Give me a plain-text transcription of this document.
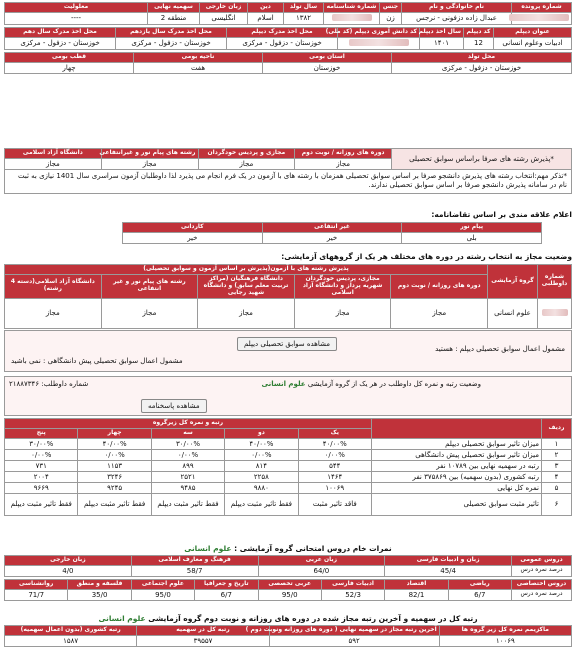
شماره پرونده	نام خانوادگی و نام	جنس	شماره شناسنامه	سال تولد	دین	زبان خارجی	سهمیه نهایی	معلولیت
	عبدال زاده دزفونی - نرجس	زن		۱۳۸۲	اسلام	انگلیسی	منطقه 2	----
عنوان دیپلم	کد دیپلم	سال اخذ دیپلم	کد دانش آموزی دیپلم (کد ملی)	محل اخذ مدرک دیپلم	محل اخذ مدرک سال یازدهم	محل اخذ مدرک سال دهم
ادبیات وعلوم انسانی	12	۱۴۰۱		خوزستان - دزفول - مرکزی	خوزستان - دزفول - مرکزی	خوزستان - دزفول - مرکزی
محل تولد	استان بومی	ناحیه بومی	قطب بومی
خوزستان - دزفول - مرکزی	خوزستان	هفت	چهار
*پذیرش رشته های صرفا براساس سوابق تحصیلی	دوره های روزانه / نوبت دوم	مجازی و پردیس خودگردان	رشته های پیام نور و غیرانتفاعی	دانشگاه آزاد اسلامی
	مجاز	مجاز	مجاز	مجاز
*تذکر مهم:انتخاب رشته های پذیرش دانشجو صرفا بر اساس سوابق تحصیلی همزمان با رشته های با آزمون در یک فرم انجام می پذیرد لذا داوطلبان آزمون سراسری سال 1401 نیازی به ثبت نام در سامانه پذیرش دانشجو صرفا بر اساس سوابق تحصیلی ندارند.
اعلام علاقه مندی بر اساس تقاضانامه:
پیام نور	غیر انتفاعی	کاردانی
بلی	خیر	خیر
وضعیت مجاز به انتخاب رشته در دوره های مختلف هر یک از گروههای آزمایشی:
شماره داوطلبی	گروه آزمایشی	پذیرش رشته های با آزمون(پذیرش بر اساس آزمون و سوابق تحصیلی)				
		دوره های روزانه / نوبت دوم	مجازی، پردیس خودگردان شهریه پرداز و دانشگاه آزاد اسلامی	دانشگاه فرهنگیان (مراکز تربیت معلم سابق) و دانشگاه شهید رجایی	رشته های پیام نور و غیر انتفاعی	دانشگاه آزاد اسلامی(دسته 4 رشته)
	علوم انسانی	مجاز	مجاز	مجاز	مجاز	مجاز
مشمول اعمال سوابق تحصیلی دیپلم : هستید
مشاهده سوابق تحصیلی دیپلم
مشمول اعمال سوابق تحصیلی پیش دانشگاهی : نمی باشید
وضعیت رتبه و نمره کل داوطلب در هر یک از گروه آزمایشی علوم انسانی
شماره داوطلب: ۲۱۸۸۷۳۴۶
مشاهده پاسخنامه
ردیف		رتبه و نمره کل زیرگروه				
		یک	دو	سه	چهار	پنج
۱	میزان تاثیر سوابق تحصیلی دیپلم	۴۰/۰۰%	۴۰/۰۰%	۳۰/۰۰%	۴۰/۰۰%	۳۰/۰۰%
۲	میزان تاثیر سوابق تحصیلی پیش دانشگاهی	۰/۰۰%	۰/۰۰%	۰/۰۰%	۰/۰۰%	۰/۰۰%
۳	رتبه در سهمیه نهایی بین ۱۰۷۸۹ نفر	۵۴۴	۸۱۴	۸۹۹	۱۱۵۳	۷۳۱
۴	رتبه کشوری (بدون سهمیه) بین ۳۷۵۸۶۹ نفر	۱۴۶۴	۲۲۵۸	۲۵۲۱	۳۲۴۶	۲۰۰۴
۵	نمره کل نهایی	۱۰۰۶۹	۹۸۸۰	۹۴۸۵	۹۲۴۵	۹۶۶۹
۶	تاثیر مثبت سوابق تحصیلی	فاقد تاثیر مثبت	فقط تاثیر مثبت دیپلم	فقط تاثیر مثبت دیپلم	فقط تاثیر مثبت دیپلم	فقط تاثیر مثبت دیپلم
نمرات خام دروس امتحانی گروه آزمایشی : علوم انسانی
دروس عمومی	زبان و ادبیات فارسی	زبان عربی	فرهنگ و معارف اسلامی	زبان خارجی
درصد نمره درس	45/4	64/0	58/7	4/0
دروس اختصاصی	ریاضی	اقتصاد	ادبیات فارسی	عربی تخصصی	تاریخ و جغرافیا	علوم اجتماعی	فلسفه و منطق	روانشناسی
درصد نمره درس	6/7	82/1	52/3	95/0	6/7	95/0	35/0	71/7
رتبه کل در سهمیه و آخرین رتبه مجاز شده در دوره های روزانه و نوبت دوم گروه آزمایشی علوم انسانی
ماکزیمم نمره کل زیر گروه ها	آخرین رتبه مجاز در سهمیه نهایی ( دوره های روزانه ونوبت دوم )	رتبه کل در سهمیه	رتبه کشوری (بدون اعمال سهمیه)
۱۰۰۶۹	۵۹۲	۳۹۵۵۷	۱۵۸۷
